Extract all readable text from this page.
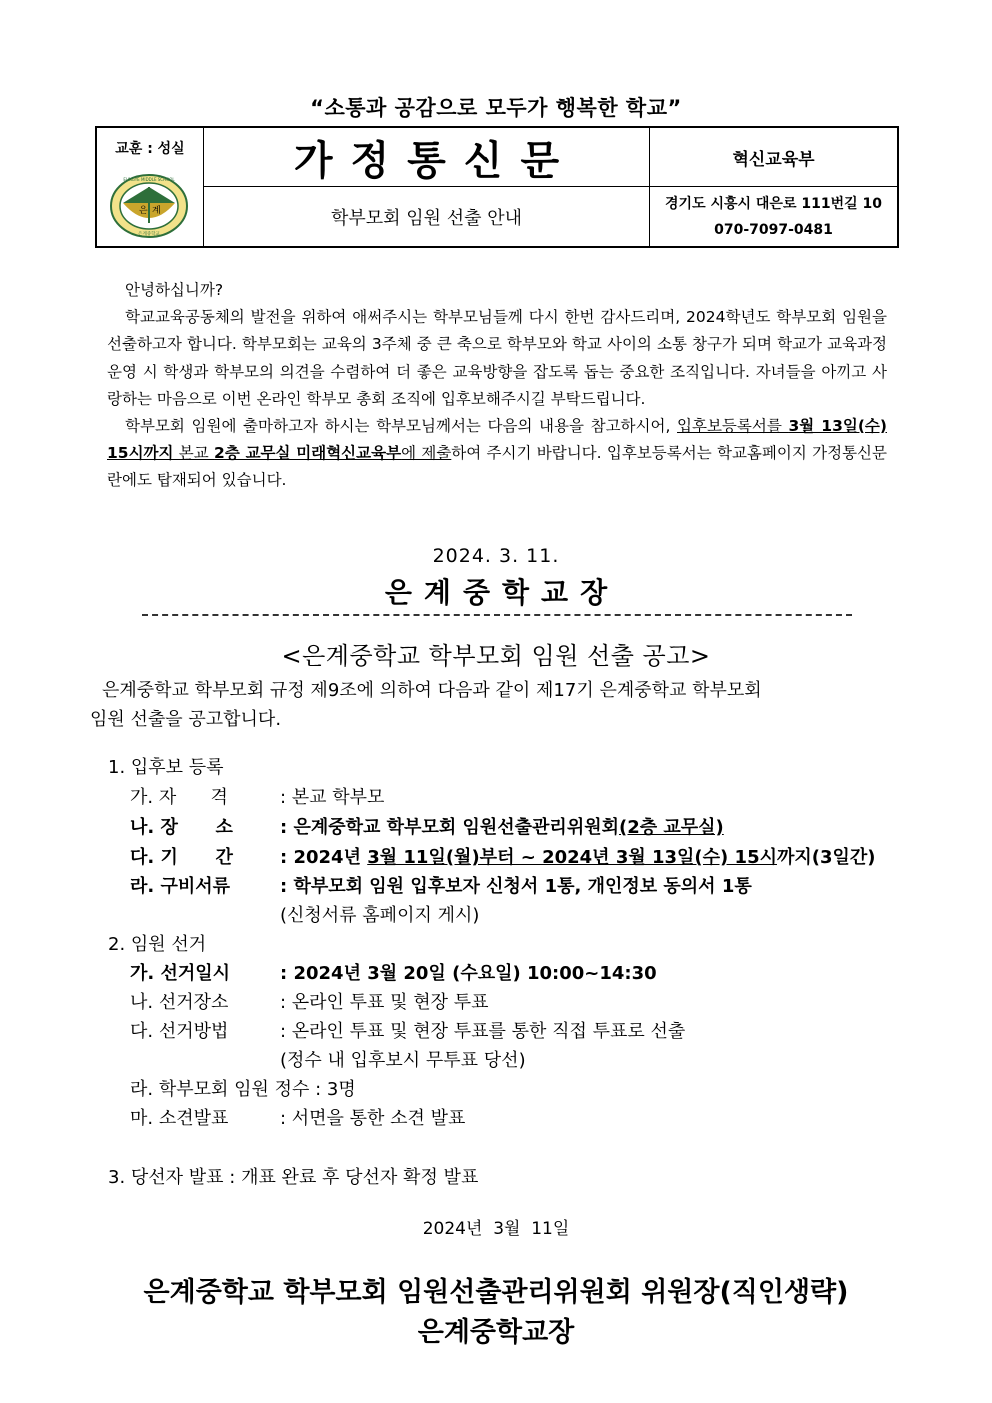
“소통과 공감으로 모두가 행복한 학교”
교훈 : 성실
은 계
EUNGYE MIDDLE SCHOOL
은계중학교
가정통신문	혁신교육부
학부모회 임원 선출 안내
경기도 시흥시 대은로 111번길 10
070-7097-0481

안녕하십니까?

학교교육공동체의 발전을 위하여 애써주시는 학부모님들께 다시 한번 감사드리며, 2024학년도 학부모회 임원을 선출하고자 합니다. 학부모회는 교육의 3주체 중 큰 축으로 학부모와 학교 사이의 소통 창구가 되며 학교가 교육과정 운영 시 학생과 학부모의 의견을 수렴하여 더 좋은 교육방향을 잡도록 돕는 중요한 조직입니다. 자녀들을 아끼고 사랑하는 마음으로 이번 온라인 학부모 총회 조직에 입후보해주시길 부탁드립니다.

학부모회 임원에 출마하고자 하시는 학부모님께서는 다음의 내용을 참고하시어, 입후보등록서를 3월 13일(수) 15시까지 본교 2층 교무실 미래혁신교육부에 제출하여 주시기 바랍니다. 입후보등록서는 학교홈페이지 가정통신문란에도 탑재되어 있습니다.

2024. 3. 11.
은계중학교장
<은계중학교 학부모회 임원 선출 공고>

은계중학교 학부모회 규정 제9조에 의하여 다음과 같이 제17기 은계중학교 학부모회

임원 선출을 공고합니다.

1. 입후보 등록
가. 자      격	: 본교 학부모
나. 장      소	: 은계중학교 학부모회 임원선출관리위원회(2층 교무실)
다. 기      간	: 2024년 3월 11일(월)부터 ~ 2024년 3월 13일(수) 15시까지(3일간)
라. 구비서류	: 학부모회 임원 입후보자 신청서 1통, 개인정보 동의서 1통
(신청서류 홈페이지 게시)
2. 임원 선거
가. 선거일시	: 2024년 3월 20일 (수요일) 10:00~14:30
나. 선거장소	: 온라인 투표 및 현장 투표
다. 선거방법	: 온라인 투표 및 현장 투표를 통한 직접 투표로 선출
(정수 내 입후보시 무투표 당선)
라. 학부모회 임원 정수 : 3명
마. 소견발표	: 서면을 통한 소견 발표
3. 당선자 발표 : 개표 완료 후 당선자 확정 발표
2024년  3월  11일
은계중학교 학부모회 임원선출관리위원회 위원장(직인생략)
은계중학교장
